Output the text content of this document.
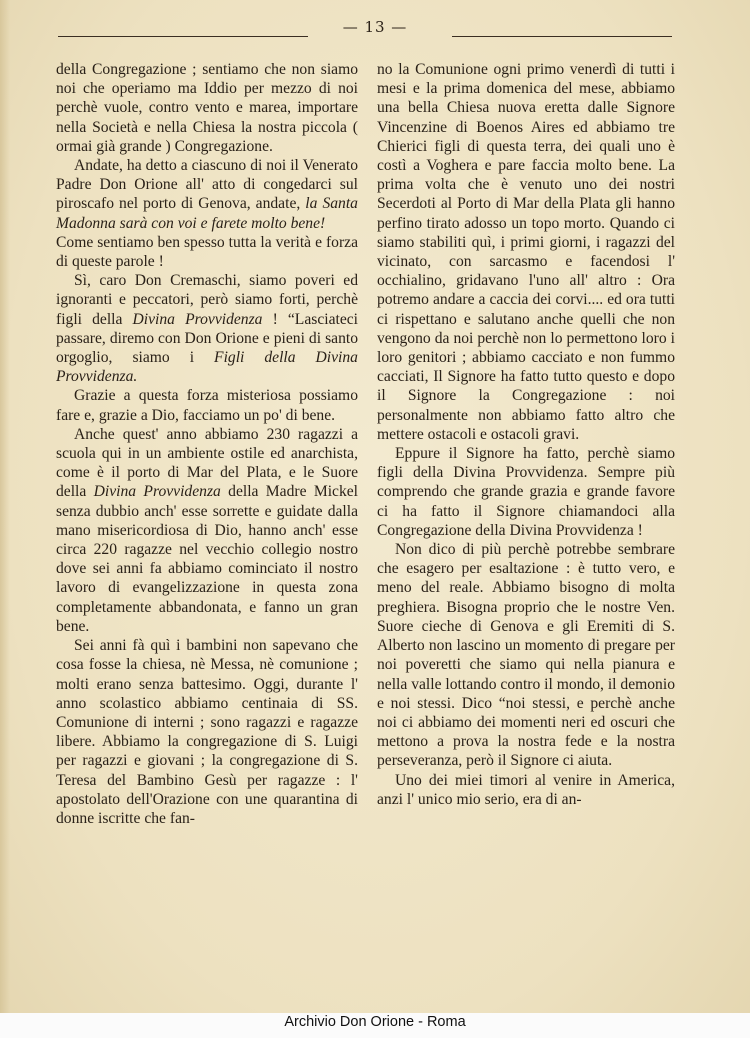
— 13 —

della Congregazione ; sentiamo che non siamo noi che operiamo ma Iddio per mezzo di noi perchè vuole, contro vento e marea, importare nella Società e nella Chiesa la nostra piccola ( ormai già grande ) Congregazione.

Andate, ha detto a ciascuno di noi il Venerato Padre Don Orione all' atto di congedarci sul piroscafo nel porto di Genova, andate, la Santa Madonna sarà con voi e farete molto bene!

Come sentiamo ben spesso tutta la verità e forza di queste parole !

Sì, caro Don Cremaschi, siamo poveri ed ignoranti e peccatori, però siamo forti, perchè figli della Divina Provvidenza ! “Lasciateci passare, diremo con Don Orione e pieni di santo orgoglio, siamo i Figli della Divina Provvidenza.

Grazie a questa forza misteriosa possiamo fare e, grazie a Dio, facciamo un po' di bene.

Anche quest' anno abbiamo 230 ragazzi a scuola qui in un ambiente ostile ed anarchista, come è il porto di Mar del Plata, e le Suore della Divina Provvidenza della Madre Mickel senza dubbio anch' esse sorrette e guidate dalla mano misericordiosa di Dio, hanno anch' esse circa 220 ragazze nel vecchio collegio nostro dove sei anni fa abbiamo cominciato il nostro lavoro di evangelizzazione in questa zona completamente abbandonata, e fanno un gran bene.

Sei anni fà quì i bambini non sapevano che cosa fosse la chiesa, nè Messa, nè comunione ; molti erano senza battesimo. Oggi, durante l' anno scolastico abbiamo centinaia di SS. Comunione di interni ; sono ragazzi e ragazze libere. Abbiamo la congregazione di S. Luigi per ragazzi e giovani ; la congregazione di S. Teresa del Bambino Gesù per ragazze : l' apostolato dell'Orazione con une quarantina di donne iscritte che fan-

no la Comunione ogni primo venerdì di tutti i mesi e la prima domenica del mese, abbiamo una bella Chiesa nuova eretta dalle Signore Vincenzine di Boenos Aires ed abbiamo tre Chierici figli di questa terra, dei quali uno è costì a Voghera e pare faccia molto bene. La prima volta che è venuto uno dei nostri Secerdoti al Porto di Mar della Plata gli hanno perfino tirato adosso un topo morto. Quando ci siamo stabiliti quì, i primi giorni, i ragazzi del vicinato, con sarcasmo e facendosi l' occhialino, gridavano l'uno all' altro : Ora potremo andare a caccia dei corvi.... ed ora tutti ci rispettano e salutano anche quelli che non vengono da noi perchè non lo permettono loro i loro genitori ; abbiamo cacciato e non fummo cacciati, Il Signore ha fatto tutto questo e dopo il Signore la Congregazione : noi personalmente non abbiamo fatto altro che mettere ostacoli e ostacoli gravi.

Eppure il Signore ha fatto, perchè siamo figli della Divina Provvidenza. Sempre più comprendo che grande grazia e grande favore ci ha fatto il Signore chiamandoci alla Congregazione della Divina Provvidenza !

Non dico di più perchè potrebbe sembrare che esagero per esaltazione : è tutto vero, e meno del reale. Abbiamo bisogno di molta preghiera. Bisogna proprio che le nostre Ven. Suore cieche di Genova e gli Eremiti di S. Alberto non lascino un momento di pregare per noi poveretti che siamo qui nella pianura e nella valle lottando contro il mondo, il demonio e noi stessi. Dico “noi stessi, e perchè anche noi ci abbiamo dei momenti neri ed oscuri che mettono a prova la nostra fede e la nostra perseveranza, però il Signore ci aiuta.

Uno dei miei timori al venire in America, anzi l' unico mio serio, era di an-

Archivio Don Orione - Roma
